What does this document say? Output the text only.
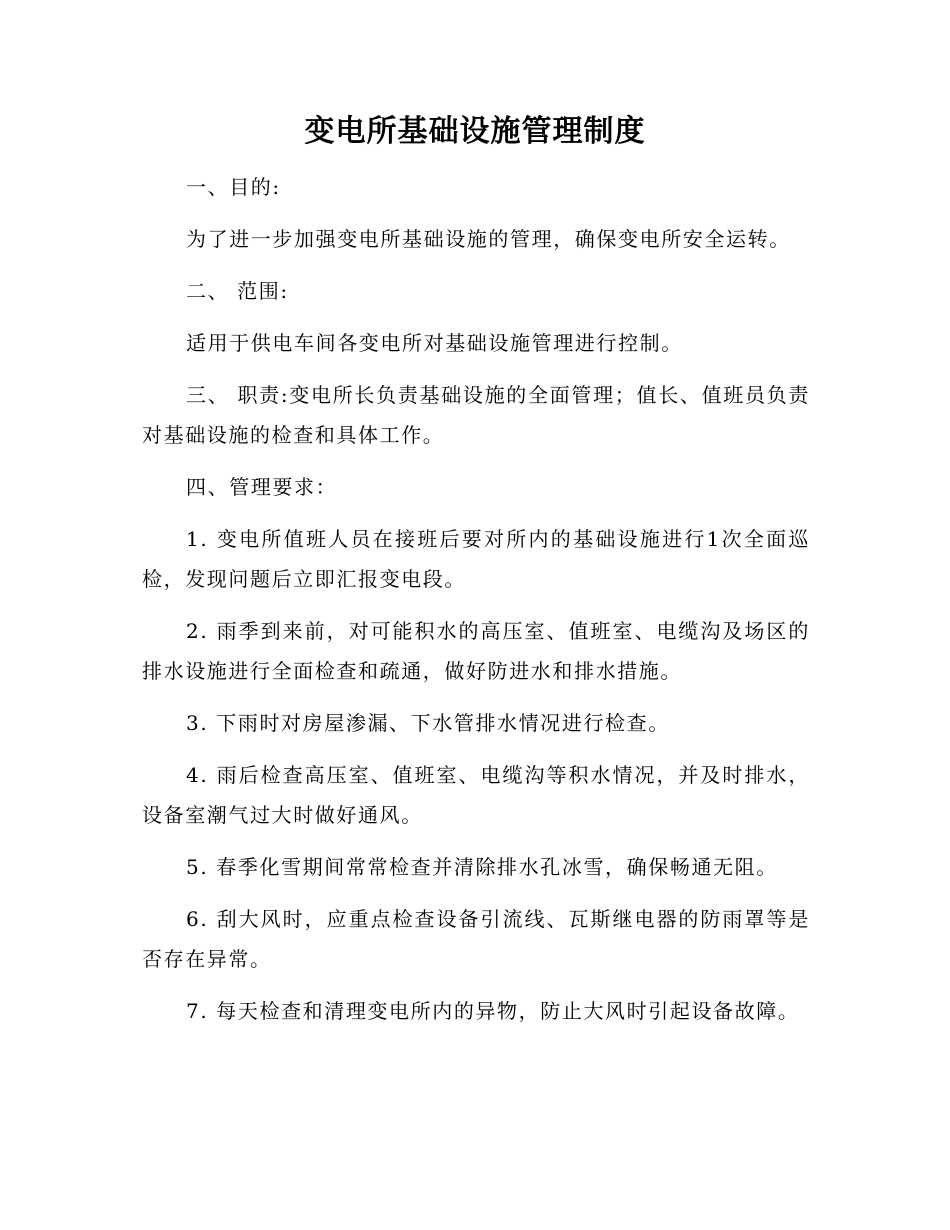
变电所基础设施管理制度

一、目的:

为了进一步加强变电所基础设施的管理，确保变电所安全运转。

二、 范围:

适用于供电车间各变电所对基础设施管理进行控制。

三、 职责:变电所长负责基础设施的全面管理；值长、值班员负责对基础设施的检查和具体工作。

四、管理要求：

1. 变电所值班人员在接班后要对所内的基础设施进行1次全面巡检，发现问题后立即汇报变电段。

2. 雨季到来前，对可能积水的高压室、值班室、电缆沟及场区的排水设施进行全面检查和疏通，做好防进水和排水措施。

3. 下雨时对房屋渗漏、下水管排水情况进行检查。

4. 雨后检查高压室、值班室、电缆沟等积水情况，并及时排水，设备室潮气过大时做好通风。

5. 春季化雪期间常常检查并清除排水孔冰雪，确保畅通无阻。

6. 刮大风时，应重点检查设备引流线、瓦斯继电器的防雨罩等是否存在异常。

7. 每天检查和清理变电所内的异物，防止大风时引起设备故障。
